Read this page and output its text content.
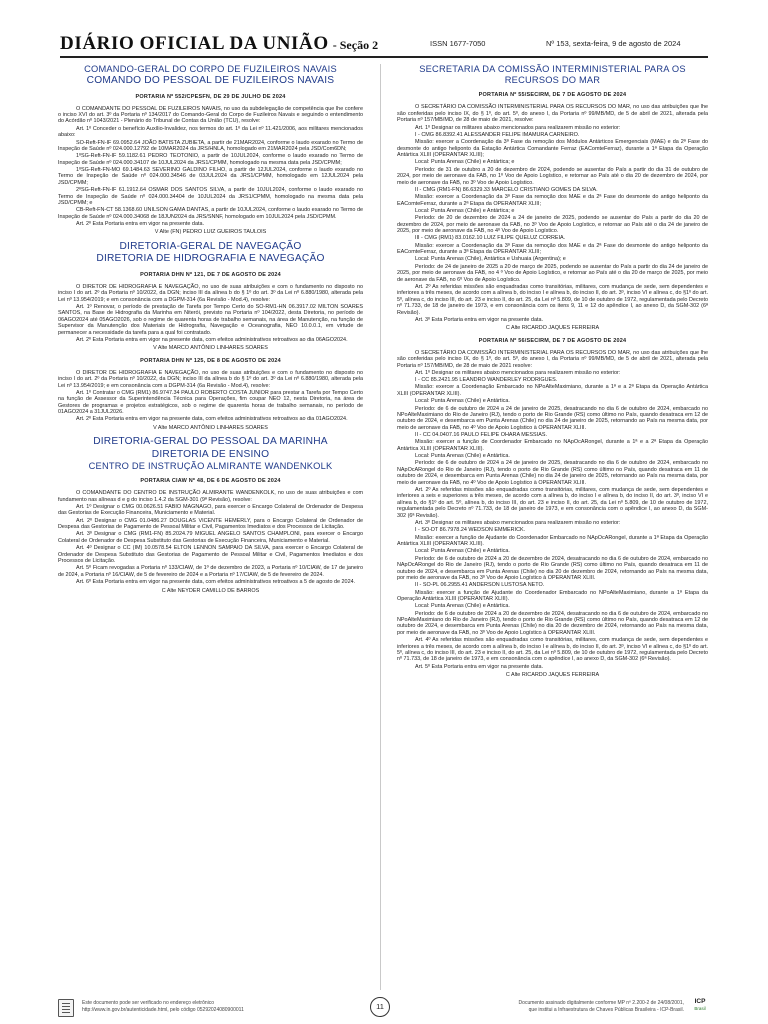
DIÁRIO OFICIAL DA UNIÃO - Seção 2	ISSN 1677-7050	Nº 153, sexta-feira, 9 de agosto de 2024
COMANDO-GERAL DO CORPO DE FUZILEIROS NAVAIS
COMANDO DO PESSOAL DE FUZILEIROS NAVAIS
PORTARIA Nº 552/CPESFN, DE 29 DE JULHO DE 2024
O COMANDANTE DO PESSOAL DE FUZILEIROS NAVAIS, no uso da subdelegação de competência que lhe confere o inciso XVI do art. 3º da Portaria nº 134/2017 do Comando-Geral do Corpo de Fuzileiros Navais e seguindo o entendimento do Acórdão nº 1043/2021 - Plenário do Tribunal de Contas da União (TCU), resolve:
Art. 1º Conceder o benefício Auxílio-Invalidez, nos termos do art. 1º da Lei nº 11.421/2006, aos militares mencionados abaixo:
SO-Reft-FN-IF 69.0952.64 JOÃO BATISTA ZUBIETA, a partir de 21MAR2024, conforme o laudo exarado no Termo de Inspeção de Saúde nº 024.000.12792 de 10MAR2024 da JRS/HNLA, homologado em 21MAR2024 pela JSD/Com6DN;
1ºSG-Reft-FN-IF 59.1182.61 PEDRO TEOTONIO, a partir de 10JUL2024, conforme o laudo exarado no Termo de Inspeção de Saúde nº 024.000.34107 de 10JUL2024 da JRS1/CPMM, homologado na mesma data pela JSD/CPMM;
1ºSG-Reft-FN-MO 69.1484.63 SEVERINO GALDINO FILHO, a partir de 12JUL2024, conforme o laudo exarado no Termo de Inspeção de Saúde nº 024.000.34546 de 03JUL2024 da JRS1/CPMM, homologado em 12JUL2024 pela JSD/CPMM;
2ºSG-Reft-FN-IF 61.1912.64 OSMAR DOS SANTOS SILVA, a partir de 10JUL2024, conforme o laudo exarado no Termo de Inspeção de Saúde nº 024.000.34404 de 10JUL2024 da JRS1/CPMM, homologado na mesma data pela JSD/CPMM; e
CB-Reft-FN-CT 58.1368.60 UNILSON GAMA DANTAS, a partir de 10JUL2024, conforme o laudo exarado no Termo de Inspeção de Saúde nº 024.000.34068 de 18JUN2024 da JRS/SNNF, homologado em 10JUL2024 pela JSD/CPMM.
Art. 2º Esta Portaria entra em vigor na presente data.
V Alte (FN) PEDRO LUIZ GUEIROS TAULOIS
DIRETORIA-GERAL DE NAVEGAÇÃO
DIRETORIA DE HIDROGRAFIA E NAVEGAÇÃO
PORTARIA DHN Nº 121, DE 7 DE AGOSTO DE 2024
O DIRETOR DE HIDROGRAFIA E NAVEGAÇÃO, no uso de suas atribuições e com o fundamento no disposto no inciso I do art. 2º da Portaria nº 10/2022, da DGN; inciso III da alínea b do § 1º do art. 3º da Lei nº 6.880/1980, alterada pela Lei nº 13.954/2019; e em consonância com a DGPM-314 (6a Revisão - Mod.4), resolve:
Art. 1º Renovar, o período de prestação de Tarefa por Tempo Certo do SO-RM1-HN 06.3917.02 MILTON SOARES SANTOS, na Base de Hidrografia da Marinha em Niterói, previsto na Portaria nº 104/2022, desta Diretoria, no período de 06AGO2024 até 05AGO2026, sob o regime de quarenta horas de trabalho semanais, na área de Manutenção, na função de Supervisor da Manutenção dos Materiais de Hidrografia, Navegação e Oceanografia, NEO 10.0.0.1, em virtude de permanecer a necessidade da tarefa para a qual foi contratado.
Art. 2º Esta Portaria entra em vigor na presente data, com efeitos administrativos retroativos ao dia 06AGO2024.
V Alte MARCO ANTÔNIO LINHARES SOARES
PORTARIA DHN Nº 125, DE 8 DE AGOSTO DE 2024
O DIRETOR DE HIDROGRAFIA E NAVEGAÇÃO, no uso de suas atribuições e com o fundamento no disposto no inciso I do art. 2º da Portaria nº 10/2022, da DGN; inciso III da alínea b do § 1º do art. 3º da Lei nº 6.880/1980, alterada pela Lei nº 13.954/2019; e em consonância com a DGPM-314 (6a Revisão - Mod.4), resolve:
Art. 1º Contratar o CMG (RM1) 86.9747.34 PAULO ROBERTO COSTA JUNIOR para prestar a Tarefa por Tempo Certo na função de Assessor da Superintendência Técnica para Operações, fim coupar NEO 12, nesta Diretoria, na área de Gestores de programas e projetos estratégicos, sob o regime de quarenta horas de trabalho semanais, no período de 01AGO2024 a 31JUL2026.
Art. 2º Esta Portaria entra em vigor na presente data, com efeitos administrativos retroativos ao dia 01AGO2024.
V Alte MARCO ANTÔNIO LINHARES SOARES
DIRETORIA-GERAL DO PESSOAL DA MARINHA
DIRETORIA DE ENSINO
CENTRO DE INSTRUÇÃO ALMIRANTE WANDENKOLK
PORTARIA CIAW Nº 48, DE 6 DE AGOSTO DE 2024
O COMANDANTE DO CENTRO DE INSTRUÇÃO ALMIRANTE WANDENKOLK, no uso de suas atribuições e com fundamento nas alíneas d e g do inciso 1.4.2 da SGM-301 (9ª Revisão), resolve:
Art. 1º Designar o CMG 00.0626.51 FABIO MAGNAGO, para exercer o Encargo Colateral de Ordenador de Despesa das Gestorias de Execução Financeira, Municiamento e Material.
Art. 2º Designar o CMG 01.0486.27 DOUGLAS VICENTE HEMERLY, para o Encargo Colateral de Ordenador de Despesa das Gestorias de Pagamento de Pessoal Militar e Civil, Pagamentos Imediatos e dos Processos de Licitação.
Art. 3º Designar o CMG (RM1-FN) 85.2024.79 MIGUEL ANGELO SANTOS CHAMPLONI, para exercer o Encargo Colateral de Ordenador de Despesa Substituto das Gestorias de Execução Financeira, Municiamento e Material.
Art. 4º Designar o CC (IM) 10.0578.54 ELTON LENNON SAMPAIO DA SILVA, para exercer o Encargo Colateral de Ordenador de Despesa Substituto das Gestorias de Pagamento de Pessoal Militar e Civil, Pagamentos Imediatos e dos Processos de Licitação.
Art. 5º Ficam revogadas a Portaria nº 133/CIAW, de 1º de dezembro de 2023, a Portaria nº 10/CIAW, de 17 de janeiro de 2024, a Portaria nº 16/CIAW, de 5 de fevereiro de 2024 e a Portaria nº 17/CIAW, de 5 de fevereiro de 2024.
Art. 6º Esta Portaria entra em vigor na presente data, com efeitos administrativos retroativos a 5 de agosto de 2024.
C Alte NEYDER CAMILLO DE BARROS
SECRETARIA DA COMISSÃO INTERMINISTERIAL PARA OS RECURSOS DO MAR
PORTARIA Nº 55/SECIRM, DE 7 DE AGOSTO DE 2024
O SECRETÁRIO DA COMISSÃO INTERMINISTERIAL PARA OS RECURSOS DO MAR, no uso das atribuições que lhe são conferidas pelo inciso IX, do § 1º, do art. 5º, do anexo I, da Portaria nº 99/MB/MD, de 5 de abril de 2021, alterada pela Portaria nº 157/MB/MD, de 28 de maio de 2021, resolve:
Art. 1º Designar os militares abaixo mencionados para realizarem missão no exterior:
I - CMG 86.8392.41 ALESSANDER FELIPE IMAMURA CARNEIRO.
Missão: exercer a Coordenação da 3ª Fase da remoção dos Módulos Antárticos Emergenciais (MAE) e da 2ª Fase do desmonte do antigo heliponto da Estação Antártica Comandante Ferraz (EAComteFerraz), durante a 1ª Etapa da Operação Antártica XLIII (OPERANTAR XLIII);
Local: Punta Arenas (Chile) e Antártica; e
Período: de 31 de outubro a 20 de dezembro de 2024, podendo se ausentar do País a partir do dia 31 de outubro de 2024, por meio de aeronave da FAB, no 1º Voo de Apoio Logístico, e retornar ao País até o dia 20 de dezembro de 2024, por meio de aeronave da FAB, no 3º Voo de Apoio Logístico.
II - CMG (RM1-FN) 86.6329.33 MARCELO CRISTIANO GOMES DA SILVA.
Missão: exercer a Coordenação da 3ª Fase da remoção dos MAE e da 2ª Fase do desmonte do antigo heliponto da EAComteFerraz, durante a 2ª Etapa da OPERANTAR XLIII;
Local: Punta Arenas (Chile) e Antártica; e
Período: de 20 de dezembro de 2024 a 24 de janeiro de 2025, podendo se ausentar do País a partir do dia 20 de dezembro de 2024, por meio de aeronave da FAB, no 3º Voo de Apoio Logístico, e retornar ao País até o dia 24 de janeiro de 2025, por meio de aeronave da FAB, no 4º Voo de Apoio Logístico.
III - CMG (RM1) 83.0162.10 LUIZ FILIPE QUELUZ CORREIA.
Missão: exercer a Coordenação da 3ª Fase da remoção dos MAE e da 2ª Fase do desmonte do antigo heliponto da EAComteFerraz, durante a 3ª Etapa da OPERANTAR XLIII;
Local: Punta Arenas (Chile), Antártica e Ushuaia (Argentina); e
Período: de 24 de janeiro de 2025 a 20 de março de 2025, podendo se ausentar do País a partir do dia 24 de janeiro de 2025, por meio de aeronave da FAB, no 4 º Voo de Apoio Logístico, e retornar ao País até o dia 20 de março de 2025, por meio de aeronave da FAB, no 6º Voo de Apoio Logístico.
Art. 2º As referidas missões são enquadradas como transitórias, militares, com mudança de sede, sem dependentes e inferiores a três meses, de acordo com a alínea b, do inciso I e alínea b, do inciso II, do art. 3º, inciso VI e alínea c, do §1º do art. 5º, alínea c, do inciso III, do art. 23 e inciso II, do art. 25, da Lei nº 5.809, de 10 de outubro de 1972, regulamentada pelo Decreto nº 71.733, de 18 de janeiro de 1973, e em consonância com os itens 9, 11 e 12 do apêndice I, ao anexo D, da SGM-302 (6ª Revisão).
Art. 3º Esta Portaria entra em vigor na presente data.
C Alte RICARDO JAQUES FERREIRA
PORTARIA Nº 56/SECIRM, DE 7 DE AGOSTO DE 2024
O SECRETÁRIO DA COMISSÃO INTERMINISTERIAL PARA OS RECURSOS DO MAR, no uso das atribuições que lhe são conferidas pelo inciso IX, do § 1º, do art. 5º, do anexo I, da Portaria nº 99/MB/MD, de 5 de abril de 2021, alterada pela Portaria nº 157/MB/MD, de 28 de maio de 2021 resolve:
Art. 1º Designar os militares abaixo mencionados para realizarem missão no exterior:
I - CC 85.2421.95 LEANDRO WANDERLEY RODRIGUES.
Missão: exercer a Coordenação Embarcado no NPoAlteMaximiano, durante a 1ª e a 2ª Etapa da Operação Antártica XLIII (OPERANTAR XLIII).
Local: Punta Arenas (Chile) e Antártica.
Período: de 6 de outubro de 2024 a 24 de janeiro de 2025, desatracando no dia 6 de outubro de 2024, embarcado no NPoAlteMaximiano do Rio de Janeiro (RJ), tendo o porto de Rio Grande (RS) como último no País, quando desatraca em 12 de outubro de 2024, e desembarca em Punta Arenas (Chile) no dia 24 de janeiro de 2025, retornando ao País na mesma data, por meio de aeronave da FAB, no 4º Voo de Apoio Logístico à OPERANTAR XLIII.
II - CC 04.0407.16 PAULO FELIPE OHARA MESSIAS.
Missão: exercer a função de Coordenador Embarcado no NApOcARongel, durante a 1ª e a 2ª Etapa da Operação Antártica XLIII (OPERANTAR XLIII).
Local: Punta Arenas (Chile) e Antártica.
Período: de 6 de outubro de 2024 a 24 de janeiro de 2025, desatracando no dia 6 de outubro de 2024, embarcado no NApOcARongel do Rio de Janeiro (RJ), tendo o porto de Rio Grande (RS) como último no País, quando desatraca em 11 de outubro de 2024, e desembarca em Punta Arenas (Chile) no dia 24 de janeiro de 2025, retornando ao País na mesma data, por meio de aeronave da FAB, no 4º Voo de Apoio Logístico à OPERANTAR XLIII.
Art. 2º As referidas missões são enquadradas como transitórias, militares, com mudança de sede, sem dependentes e inferiores a seis e superiores a três meses, de acordo com a alínea b, do inciso I e alínea b, do inciso II, do art. 3º, inciso VI e alínea b, do §1º do art. 5º, alínea b, do inciso III, do art. 23 e inciso II, do art. 25, da Lei nº 5.809, de 10 de outubro de 1972, regulamentada pelo Decreto nº 71.733, de 18 de janeiro de 1973, e em consonância com o apêndice I, ao anexo D, da SGM-302 (6ª Revisão).
Art. 3º Designar os militares abaixo mencionados para realizarem missão no exterior:
I - SO-DT 86.7978.24 WEDSON EMMERICK.
Missão: exercer a função de Ajudante do Coordenador Embarcado no NApOcARongel, durante a 1ª Etapa da Operação Antártica XLIII (OPERANTAR XLIII).
Local: Punta Arenas (Chile) e Antártica.
Período: de 6 de outubro de 2024 a 20 de dezembro de 2024, desatracando no dia 6 de outubro de 2024, embarcado no NApOcARongel do Rio de Janeiro (RJ), tendo o porto de Rio Grande (RS) como último no País, quando desatraca em 11 de outubro de 2024, e desembarca em Punta Arenas (Chile) no dia 20 de dezembro de 2024, retornando ao País na mesma data, por meio de aeronave da FAB, no 3º Voo de Apoio Logístico à OPERANTAR XLIII.
II - SO-PL 06.2955.41 ANDERSON LUSTOSA NETO.
Missão: exercer a função de Ajudante do Coordenador Embarcado no NPoAlteMaximiano, durante a 1ª Etapa da Operação Antártica XLIII (OPERANTAR XLIII).
Local: Punta Arenas (Chile) e Antártica.
Período: de 6 de outubro de 2024 a 20 de dezembro de 2024, desatracando no dia 6 de outubro de 2024, embarcado no NPoAlteMaximiano do Rio de Janeiro (RJ), tendo o porto de Rio Grande (RS) como último no País, quando desatraca em 12 de outubro de 2024, e desembarca em Punta Arenas (Chile) no dia 20 de dezembro de 2024, retornando ao País na mesma data, por meio de aeronave da FAB, no 3º Voo de Apoio Logístico à OPERANTAR XLIII.
Art. 4º As referidas missões são enquadradas como transitórias, militares, com mudança de sede, sem dependentes e inferiores a três meses, de acordo com a alínea b, do inciso I e alínea b, do inciso II, do art. 3º, inciso VI e alínea c, do §1º do art. 5º, alínea c, do inciso III, do art. 23 e inciso II, do art. 25, da Lei nº 5.809, de 10 de outubro de 1972, regulamentada pelo Decreto nº 71.733, de 18 de janeiro de 1973, e em consonância com o apêndice I, ao anexo D, da SGM-302 (6ª Revisão).
Art. 5º Esta Portaria entra em vigor na presente data.
C Alte RICARDO JAQUES FERREIRA
Este documento pode ser verificado no endereço eletrônico
http://www.in.gov.br/autenticidade.html, pelo código 05292024080900011	11	Documento assinado digitalmente conforme MP nº 2.200-2 de 24/08/2001,
que institui a Infraestrutura de Chaves Públicas Brasileira - ICP-Brasil.
ICP
Brasil
